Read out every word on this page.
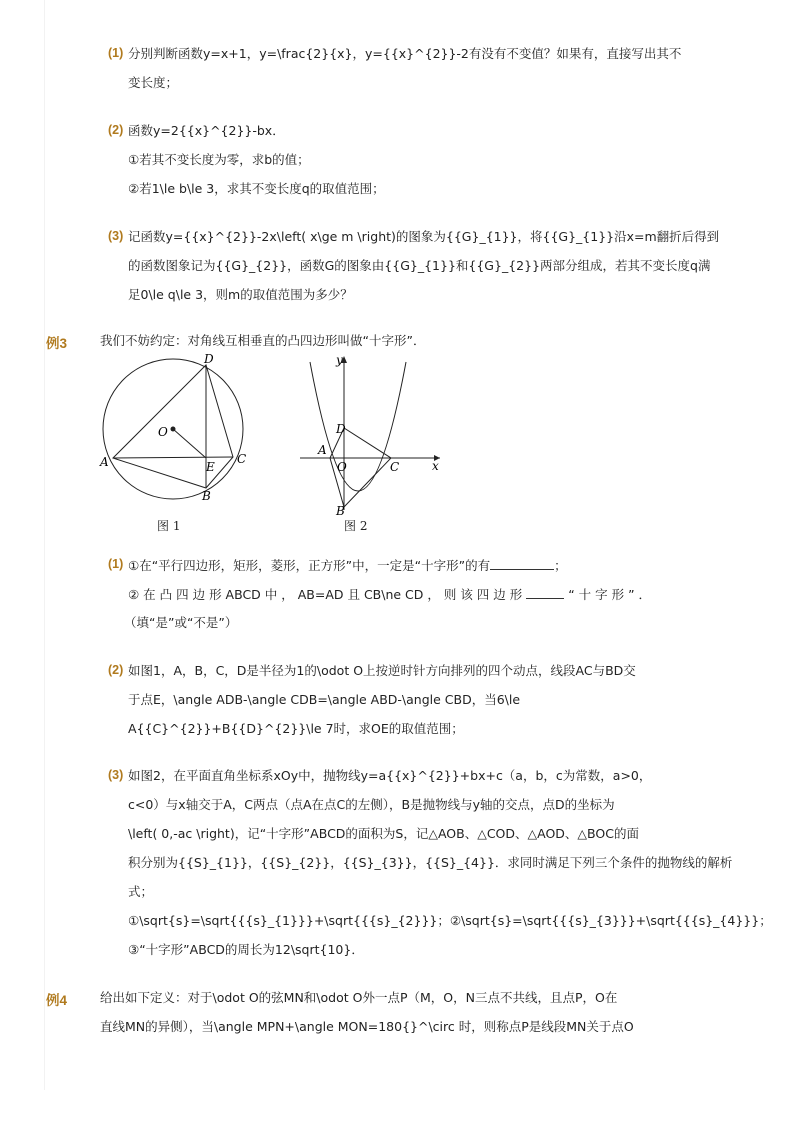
(1) 分别判断函数y=x+1，y=\frac{2}{x}，y={{x}^{2}}-2有没有不变值？如果有，直接写出其不
变长度；
(2) 函数y=2{{x}^{2}}-bx．
①若其不变长度为零，求b的值；
②若1\le b\le 3，求其不变长度q的取值范围；
(3) 记函数y={{x}^{2}}-2x\left( x\ge m \right)的图象为{{G}_{1}}，将{{G}_{1}}沿x=m翻折后得到
的函数图象记为{{G}_{2}}，函数G的图象由{{G}_{1}}和{{G}_{2}}两部分组成，若其不变长度q满
足0\le q\le 3，则m的取值范围为多少？
例3	我们不妨约定：对角线互相垂直的凸四边形叫做“十字形”．
D
O
A	E
C
B
图 1
y
D
A
O	C	x
B
图 2
(1) ①在“平行四边形，矩形，菱形，正方形”中，一定是“十字形”的有	；
② 在 凸 四 边 形 ABCD 中 ， AB=AD 且 CB\ne CD ， 则 该 四 边 形	“ 十 字 形 ” ．
（填“是”或“不是”）
(2) 如图1，A，B，C，D是半径为1的\odot O上按逆时针方向排列的四个动点，线段AC与BD交
于点E，\angle ADB-\angle CDB=\angle ABD-\angle CBD，当6\le
A{{C}^{2}}+B{{D}^{2}}\le 7时，求OE的取值范围；
(3) 如图2，在平面直角坐标系xOy中，抛物线y=a{{x}^{2}}+bx+c（a，b，c为常数，a>0，
c<0）与x轴交于A，C两点（点A在点C的左侧），B是抛物线与y轴的交点，点D的坐标为
\left( 0,-ac \right)，记“十字形”ABCD的面积为S，记△AOB、△COD、△AOD、△BOC的面
积分别为{{S}_{1}}，{{S}_{2}}，{{S}_{3}}，{{S}_{4}}．求同时满足下列三个条件的抛物线的解析
式；
①\sqrt{s}=\sqrt{{{s}_{1}}}+\sqrt{{{s}_{2}}}；②\sqrt{s}=\sqrt{{{s}_{3}}}+\sqrt{{{s}_{4}}}；
③“十字形”ABCD的周长为12\sqrt{10}．
例4	给出如下定义：对于\odot O的弦MN和\odot O外一点P（M，O，N三点不共线，且点P，O在
直线MN的异侧），当\angle MPN+\angle MON=180{}^\circ 时，则称点P是线段MN关于点O
